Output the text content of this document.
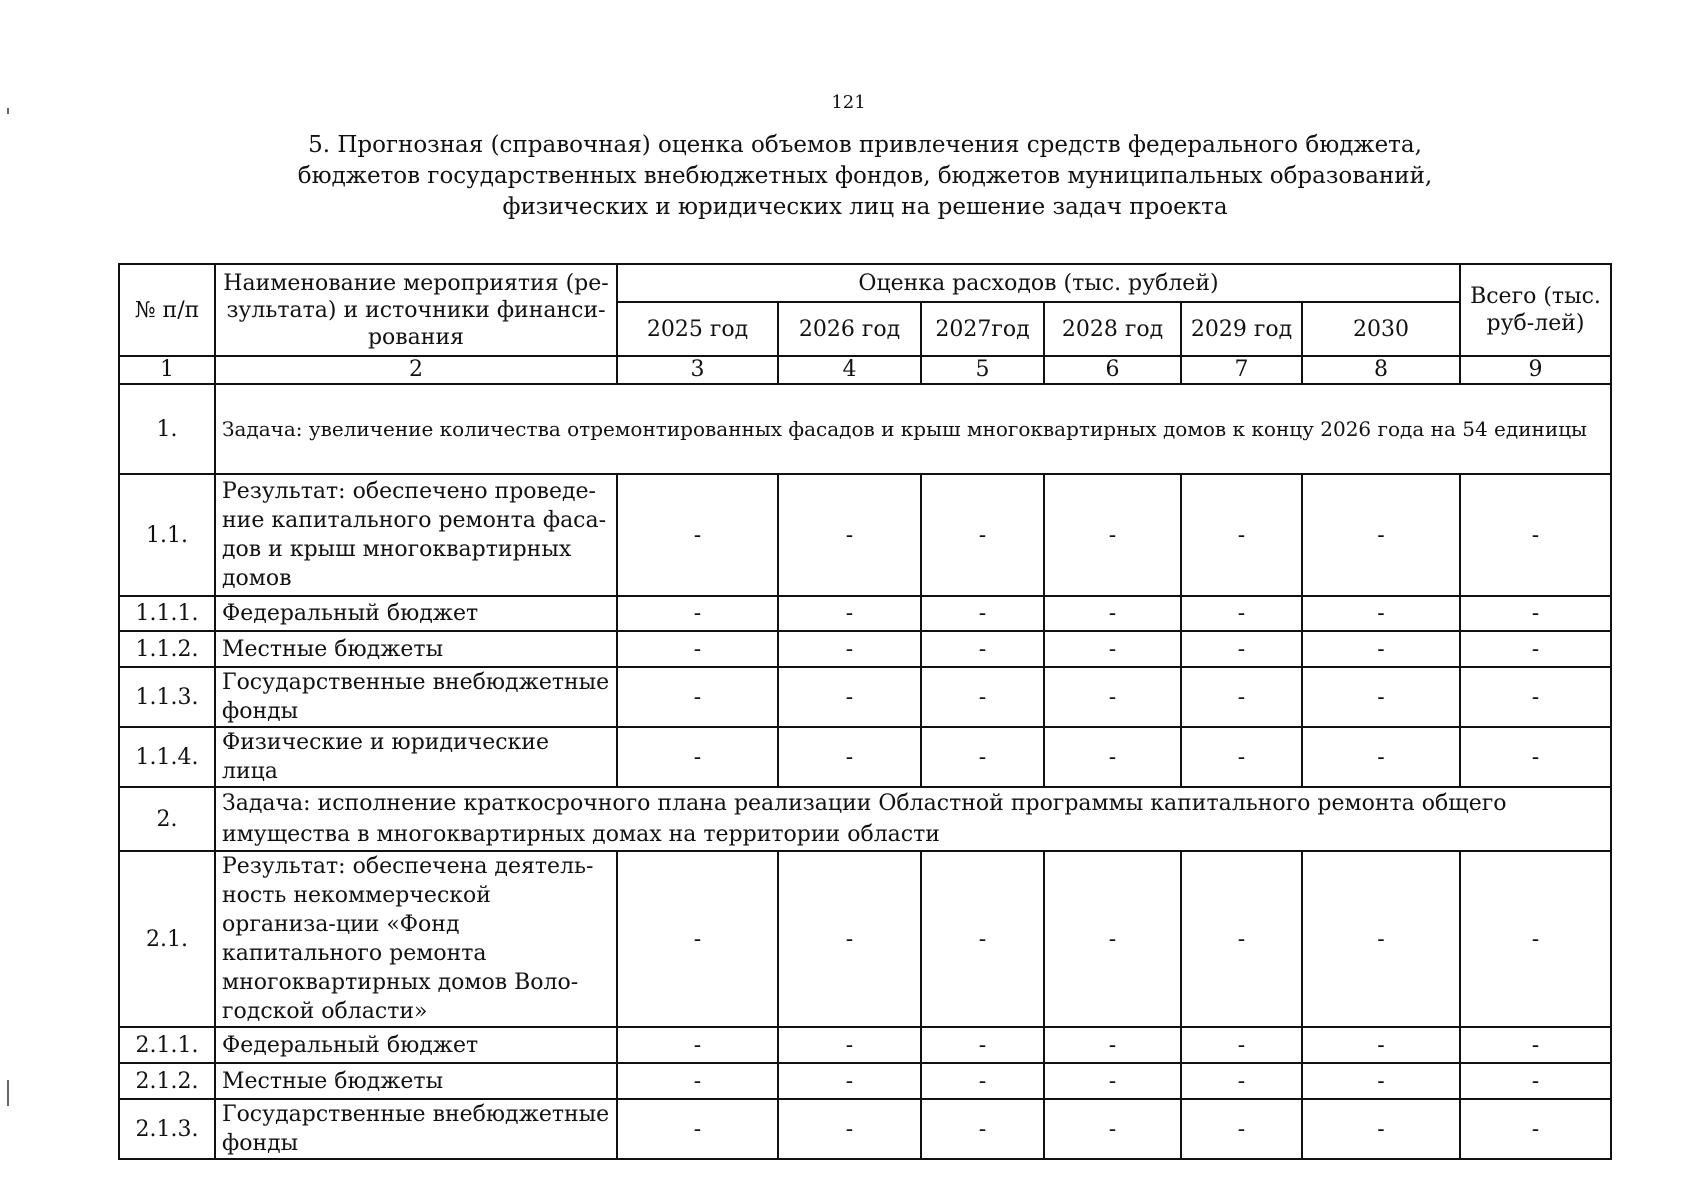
121
5. Прогнозная (справочная) оценка объемов привлечения средств федерального бюджета,
бюджетов государственных внебюджетных фондов, бюджетов муниципальных образований,
физических и юридических лиц на решение задач проекта
№ п/п	Наименование мероприятия (ре-зультата) и источники финанси-рования	Оценка расходов (тыс. рублей)						Всего (тыс. руб-лей)
		2025 год	2026 год	2027год	2028 год	2029 год	2030	
1	2	3	4	5	6	7	8	9
1.	Задача: увеличение количества отремонтированных фасадов и крыш многоквартирных домов к концу 2026 года на 54 единицы							
1.1.	Результат: обеспечено проведе-ние капитального ремонта фаса-дов и крыш многоквартирных домов	-	-	-	-	-	-	-
1.1.1.	Федеральный бюджет	-	-	-	-	-	-	-
1.1.2.	Местные бюджеты	-	-	-	-	-	-	-
1.1.3.	Государственные внебюджетные фонды	-	-	-	-	-	-	-
1.1.4.	Физические и юридические лица	-	-	-	-	-	-	-
2.	Задача: исполнение краткосрочного плана реализации Областной программы капитального ремонта общего имущества в многоквартирных домах на территории области							
2.1.	Результат: обеспечена деятель-ность некоммерческой организа-ции «Фонд капитального ремонта многоквартирных домов Воло-годской области»	-	-	-	-	-	-	-
2.1.1.	Федеральный бюджет	-	-	-	-	-	-	-
2.1.2.	Местные бюджеты	-	-	-	-	-	-	-
2.1.3.	Государственные внебюджетные фонды	-	-	-	-	-	-	-
